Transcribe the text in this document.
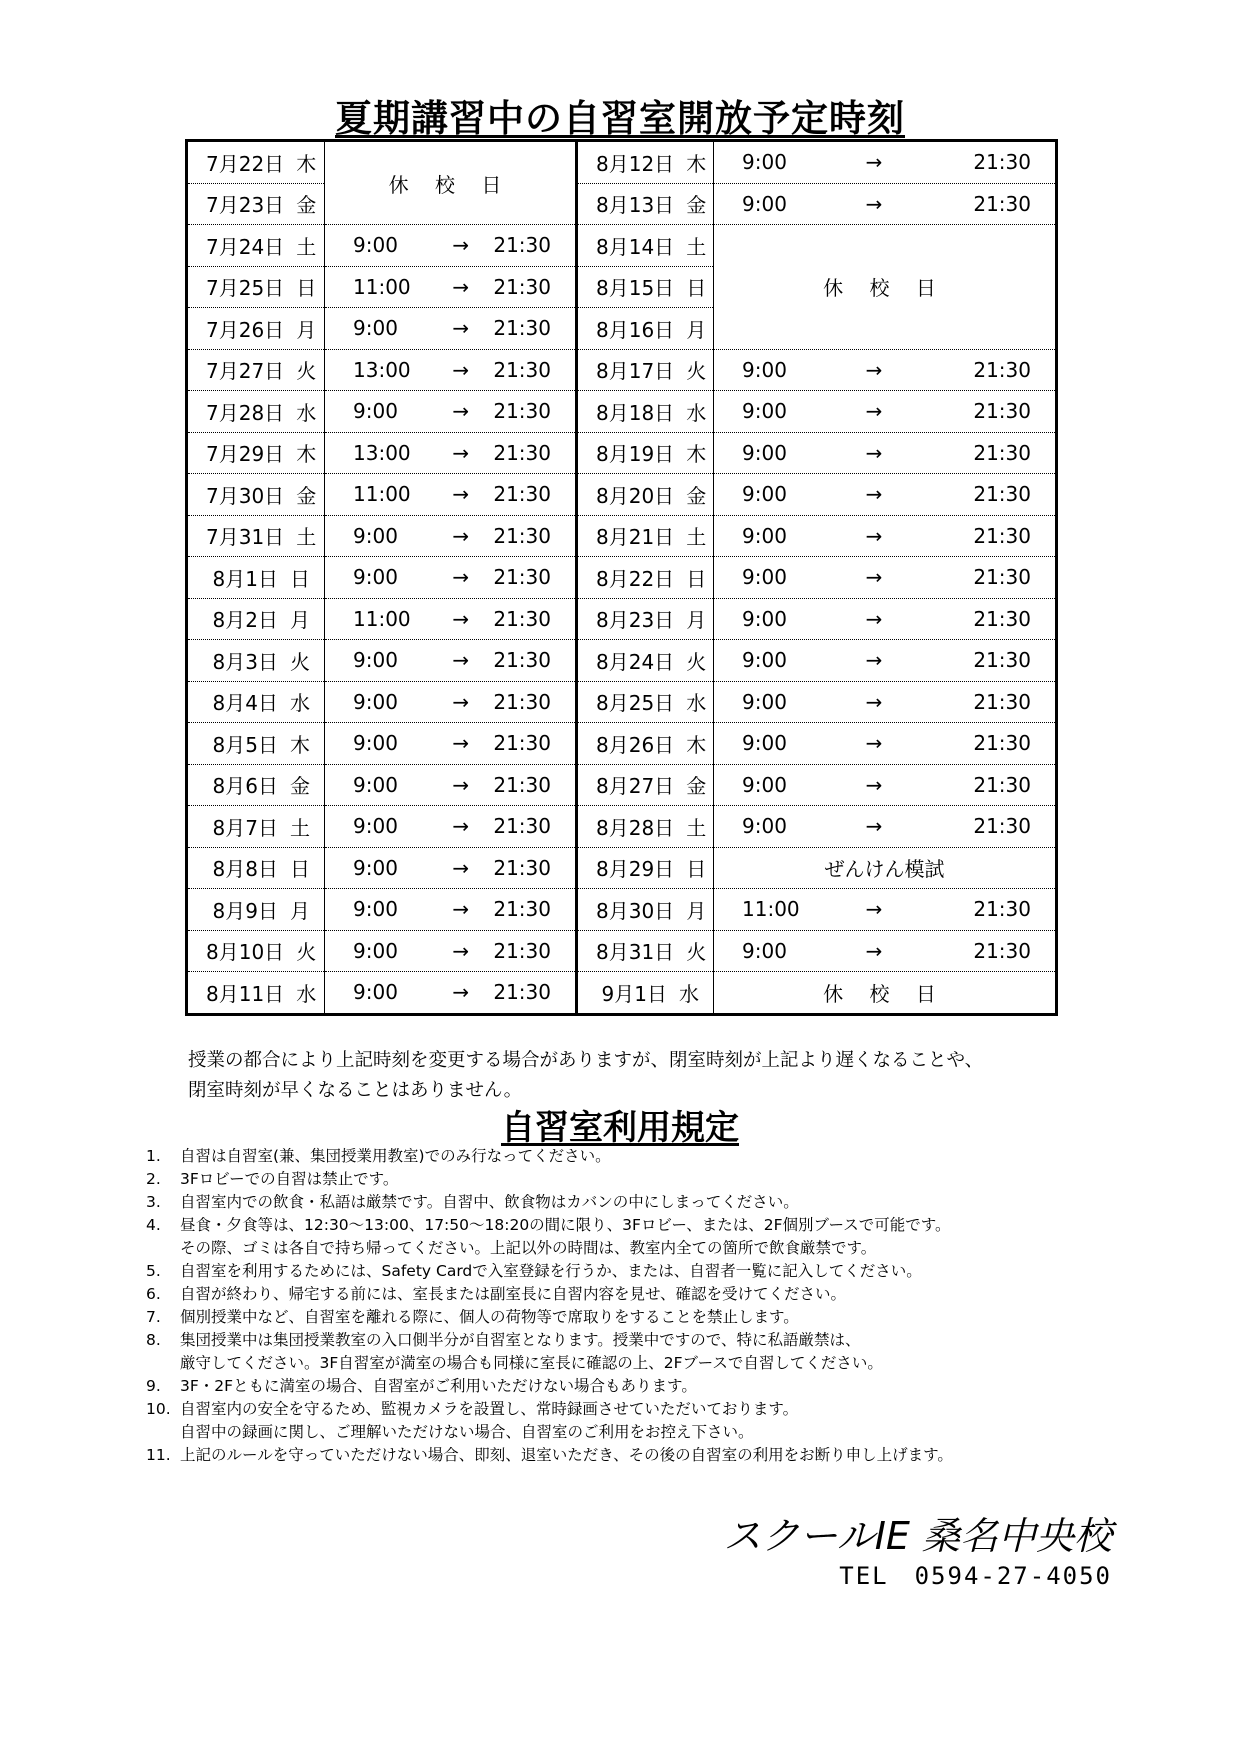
夏期講習中の自習室開放予定時刻
7月22日 木	休 校 日	8月12日 木	9:00 → 21:30

7月23日 金		8月13日 金	9:00 → 21:30

7月24日 土	9:00 → 21:30	8月14日 土	休 校 日

7月25日 日	11:00 → 21:30	8月15日 日	

7月26日 月	9:00 → 21:30	8月16日 月	

7月27日 火	13:00 → 21:30	8月17日 火	9:00 → 21:30

7月28日 水	9:00 → 21:30	8月18日 水	9:00 → 21:30

7月29日 木	13:00 → 21:30	8月19日 木	9:00 → 21:30

7月30日 金	11:00 → 21:30	8月20日 金	9:00 → 21:30

7月31日 土	9:00 → 21:30	8月21日 土	9:00 → 21:30

8月1日 日	9:00 → 21:30	8月22日 日	9:00 → 21:30

8月2日 月	11:00 → 21:30	8月23日 月	9:00 → 21:30

8月3日 火	9:00 → 21:30	8月24日 火	9:00 → 21:30

8月4日 水	9:00 → 21:30	8月25日 水	9:00 → 21:30

8月5日 木	9:00 → 21:30	8月26日 木	9:00 → 21:30

8月6日 金	9:00 → 21:30	8月27日 金	9:00 → 21:30

8月7日 土	9:00 → 21:30	8月28日 土	9:00 → 21:30

8月8日 日	9:00 → 21:30	8月29日 日	ぜんけん模試

8月9日 月	9:00 → 21:30	8月30日 月	11:00 → 21:30

8月10日 火	9:00 → 21:30	8月31日 火	9:00 → 21:30

8月11日 水	9:00 → 21:30	9月1日 水	休 校 日
授業の都合により上記時刻を変更する場合がありますが、閉室時刻が上記より遅くなることや、
閉室時刻が早くなることはありません。
自習室利用規定
1.	自習は自習室(兼、集団授業用教室)でのみ行なってください。
2.	3Fロビーでの自習は禁止です。
3.	自習室内での飲食・私語は厳禁です。自習中、飲食物はカバンの中にしまってください。
4.	昼食・夕食等は、12:30～13:00、17:50～18:20の間に限り、3Fロビー、または、2F個別ブースで可能です。
その際、ゴミは各自で持ち帰ってください。上記以外の時間は、教室内全ての箇所で飲食厳禁です。
5.	自習室を利用するためには、Safety Cardで入室登録を行うか、または、自習者一覧に記入してください。
6.	自習が終わり、帰宅する前には、室長または副室長に自習内容を見せ、確認を受けてください。
7.	個別授業中など、自習室を離れる際に、個人の荷物等で席取りをすることを禁止します。
8.	集団授業中は集団授業教室の入口側半分が自習室となります。授業中ですので、特に私語厳禁は、
厳守してください。3F自習室が満室の場合も同様に室長に確認の上、2Fブースで自習してください。
9.	3F・2Fともに満室の場合、自習室がご利用いただけない場合もあります。
10. 自習室内の安全を守るため、監視カメラを設置し、常時録画させていただいております。
自習中の録画に関し、ご理解いただけない場合、自習室のご利用をお控え下さい。
11. 上記のルールを守っていただけない場合、即刻、退室いただき、その後の自習室の利用をお断り申し上げます。
スクールIE 桑名中央校
TEL　0594-27-4050
